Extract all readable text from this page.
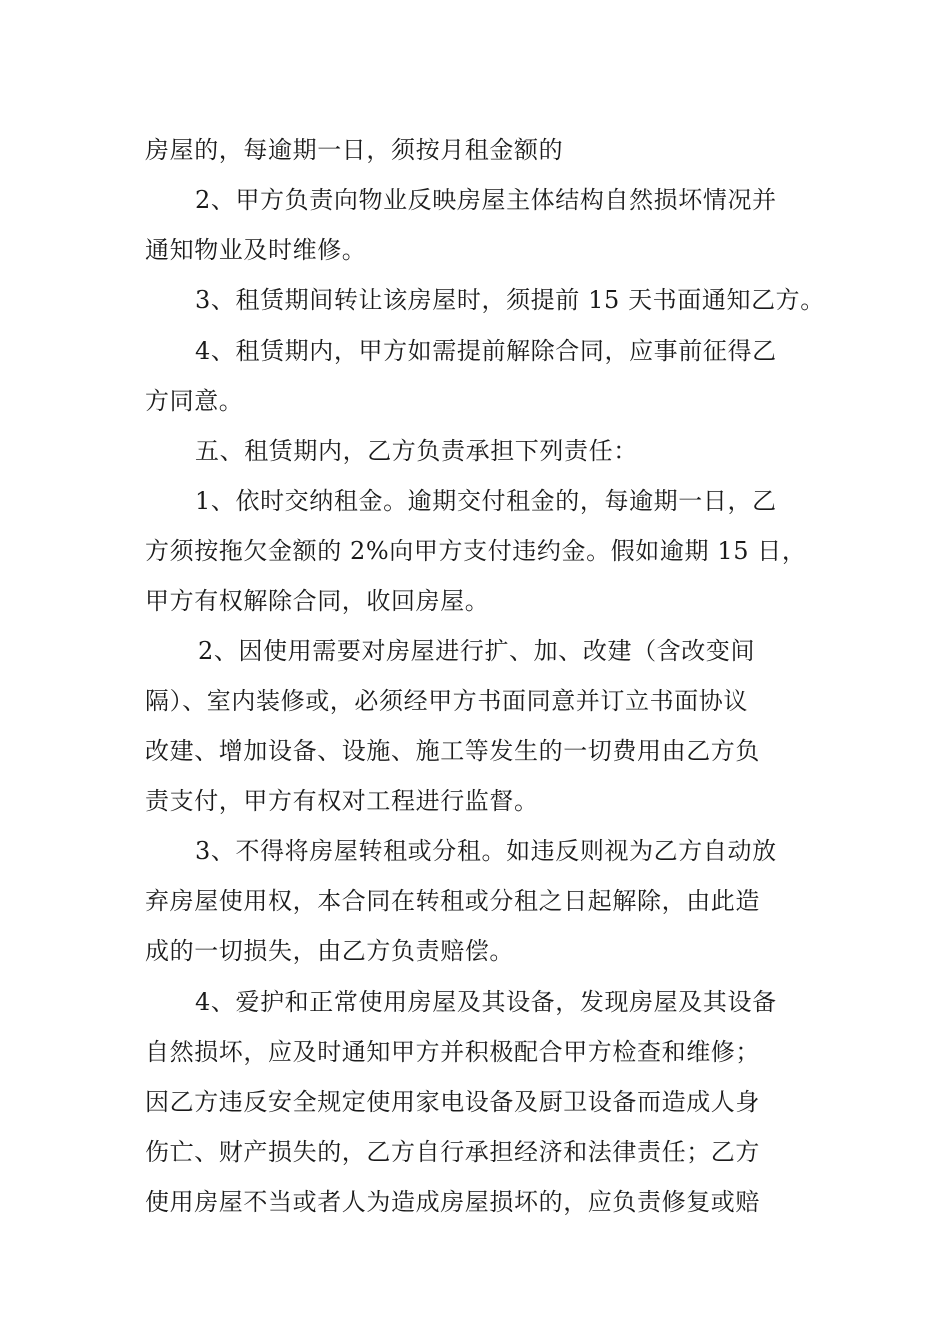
房屋的，每逾期一日，须按月租金额的
2、甲方负责向物业反映房屋主体结构自然损坏情况并
通知物业及时维修。
3、租赁期间转让该房屋时，须提前 15 天书面通知乙方。
4、租赁期内，甲方如需提前解除合同，应事前征得乙
方同意。
五、租赁期内，乙方负责承担下列责任：
1、依时交纳租金。逾期交付租金的，每逾期一日，乙
方须按拖欠金额的 2%向甲方支付违约金。假如逾期 15 日，
甲方有权解除合同，收回房屋。
2、因使用需要对房屋进行扩、加、改建（含改变间
隔）、室内装修或，必须经甲方书面同意并订立书面协议
改建、增加设备、设施、施工等发生的一切费用由乙方负
责支付，甲方有权对工程进行监督。
3、不得将房屋转租或分租。如违反则视为乙方自动放
弃房屋使用权，本合同在转租或分租之日起解除，由此造
成的一切损失，由乙方负责赔偿。
4、爱护和正常使用房屋及其设备，发现房屋及其设备
自然损坏，应及时通知甲方并积极配合甲方检查和维修；
因乙方违反安全规定使用家电设备及厨卫设备而造成人身
伤亡、财产损失的，乙方自行承担经济和法律责任；乙方
使用房屋不当或者人为造成房屋损坏的，应负责修复或赔
